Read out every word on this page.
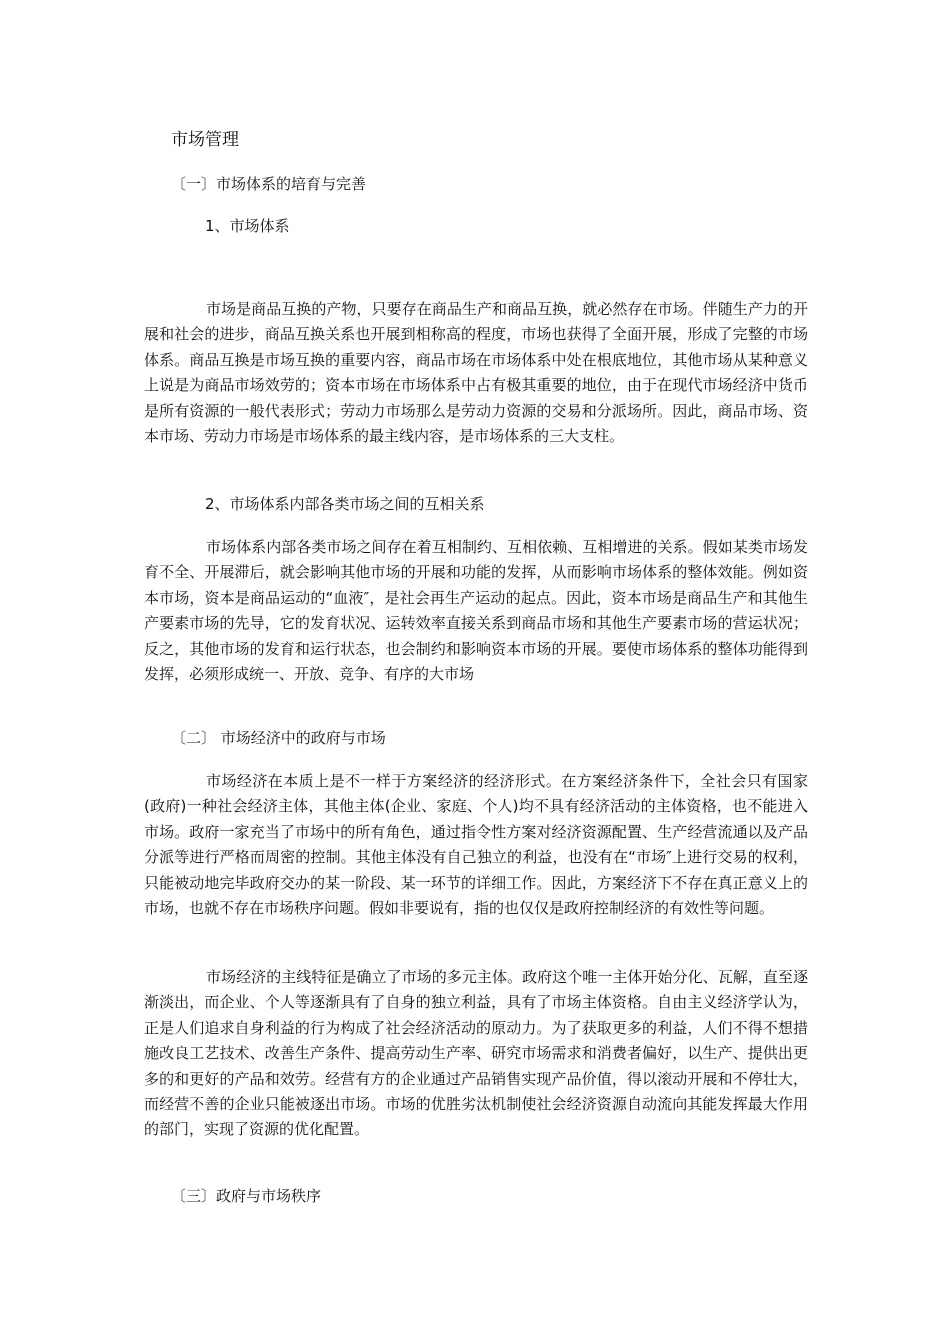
市场管理
〔一〕市场体系的培育与完善
1、市场体系
市场是商品互换的产物，只要存在商品生产和商品互换，就必然存在市场。伴随生产力的开展和社会的进步，商品互换关系也开展到相称高的程度，市场也获得了全面开展，形成了完整的市场体系。商品互换是市场互换的重要内容，商品市场在市场体系中处在根底地位，其他市场从某种意义上说是为商品市场效劳的；资本市场在市场体系中占有极其重要的地位，由于在现代市场经济中货币是所有资源的一般代表形式；劳动力市场那么是劳动力资源的交易和分派场所。因此，商品市场、资本市场、劳动力市场是市场体系的最主线内容，是市场体系的三大支柱。
2、市场体系内部各类市场之间的互相关系
市场体系内部各类市场之间存在着互相制约、互相依赖、互相增进的关系。假如某类市场发育不全、开展滞后，就会影响其他市场的开展和功能的发挥，从而影响市场体系的整体效能。例如资本市场，资本是商品运动的“血液″，是社会再生产运动的起点。因此，资本市场是商品生产和其他生产要素市场的先导，它的发育状况、运转效率直接关系到商品市场和其他生产要素市场的营运状况；反之，其他市场的发育和运行状态，也会制约和影响资本市场的开展。要使市场体系的整体功能得到发挥，必须形成统一、开放、竞争、有序的大市场
〔二〕 市场经济中的政府与市场
市场经济在本质上是不一样于方案经济的经济形式。在方案经济条件下，全社会只有国家(政府)一种社会经济主体，其他主体(企业、家庭、个人)均不具有经济活动的主体资格，也不能进入市场。政府一家充当了市场中的所有角色，通过指令性方案对经济资源配置、生产经营流通以及产品分派等进行严格而周密的控制。其他主体没有自己独立的利益，也没有在“市场″上进行交易的权利，只能被动地完毕政府交办的某一阶段、某一环节的详细工作。因此，方案经济下不存在真正意义上的市场，也就不存在市场秩序问题。假如非要说有，指的也仅仅是政府控制经济的有效性等问题。
市场经济的主线特征是确立了市场的多元主体。政府这个唯一主体开始分化、瓦解，直至逐渐淡出，而企业、个人等逐渐具有了自身的独立利益，具有了市场主体资格。自由主义经济学认为，正是人们追求自身利益的行为构成了社会经济活动的原动力。为了获取更多的利益，人们不得不想措施改良工艺技术、改善生产条件、提高劳动生产率、研究市场需求和消费者偏好，以生产、提供出更多的和更好的产品和效劳。经营有方的企业通过产品销售实现产品价值，得以滚动开展和不停壮大，而经营不善的企业只能被逐出市场。市场的优胜劣汰机制使社会经济资源自动流向其能发挥最大作用的部门，实现了资源的优化配置。
〔三〕政府与市场秩序
